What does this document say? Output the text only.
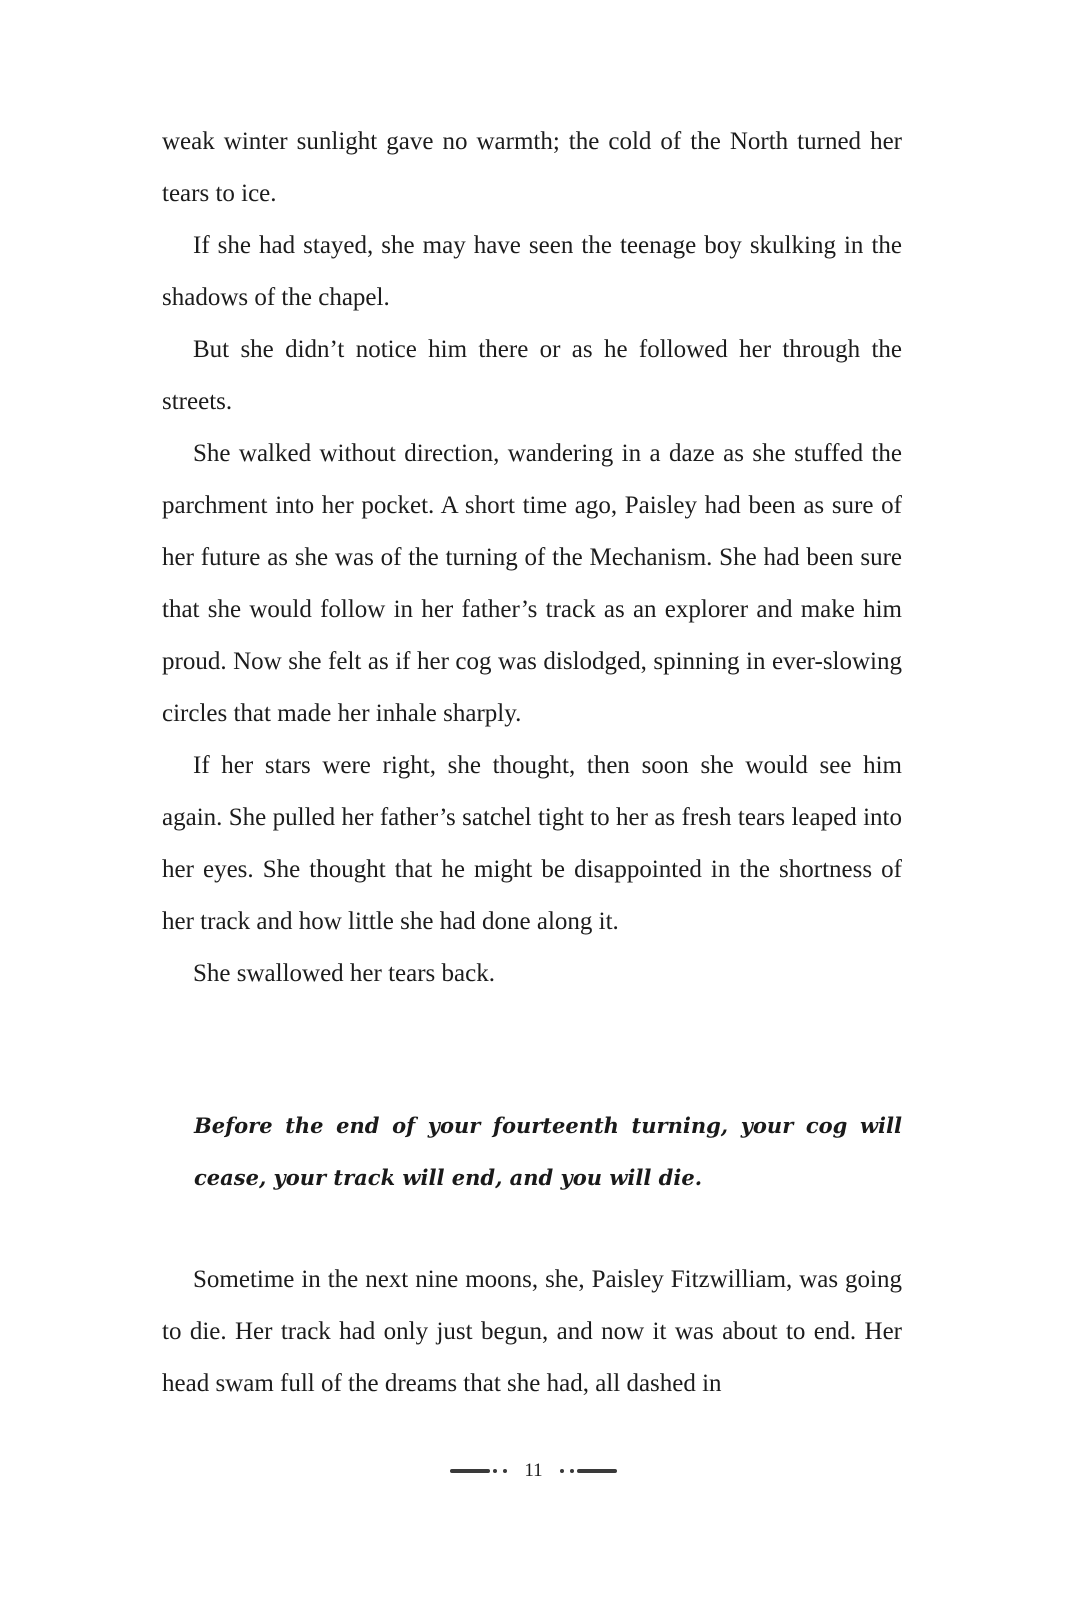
weak winter sunlight gave no warmth; the cold of the North turned her tears to ice.

If she had stayed, she may have seen the teenage boy skulking in the shadows of the chapel.

But she didn’t notice him there or as he followed her through the streets.

She walked without direction, wandering in a daze as she stuffed the parchment into her pocket. A short time ago, Paisley had been as sure of her future as she was of the turning of the Mechanism. She had been sure that she would follow in her father’s track as an explorer and make him proud. Now she felt as if her cog was dislodged, spinning in ever-slowing circles that made her inhale sharply.

If her stars were right, she thought, then soon she would see him again. She pulled her father’s satchel tight to her as fresh tears leaped into her eyes. She thought that he might be disappointed in the shortness of her track and how little she had done along it.

She swallowed her tears back.

Before the end of your fourteenth turning, your cog will cease, your track will end, and you will die.

Sometime in the next nine moons, she, Paisley Fitzwilliam, was going to die. Her track had only just begun, and now it was about to end. Her head swam full of the dreams that she had, all dashed in

11
